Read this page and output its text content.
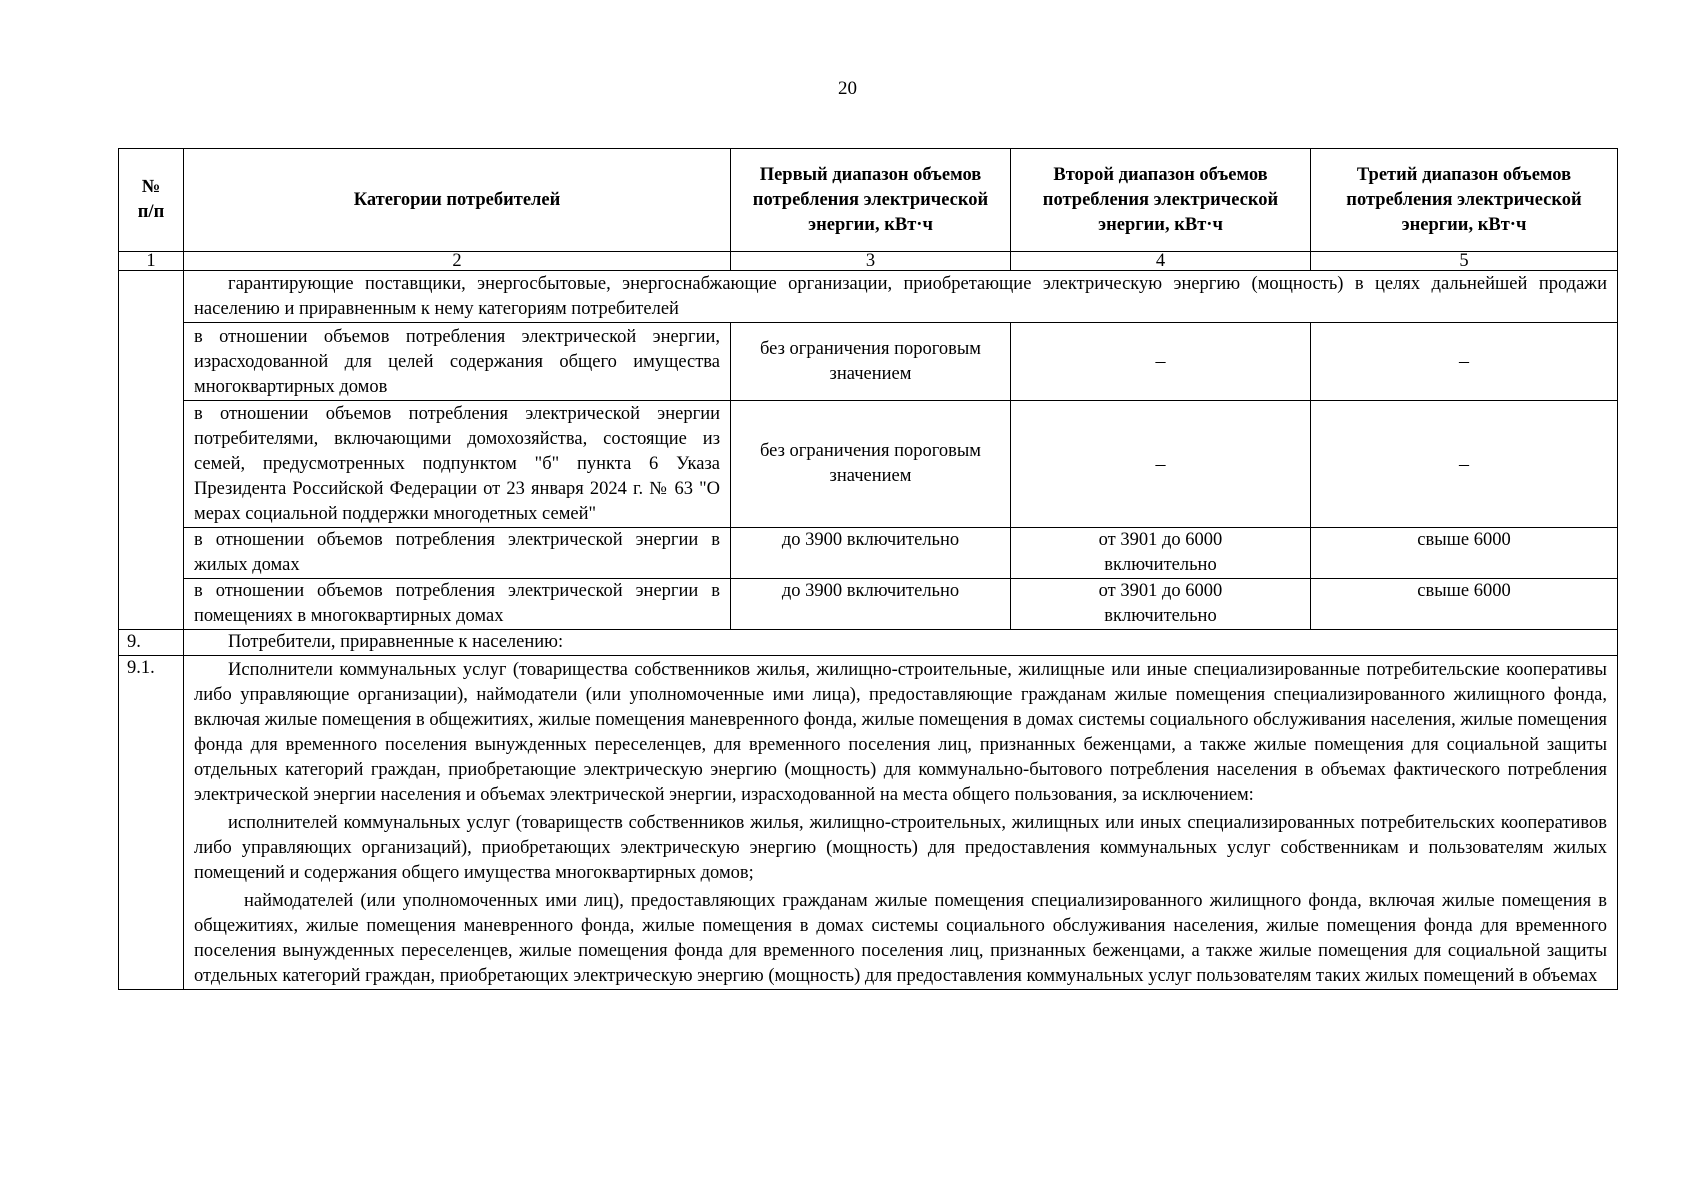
20
№ п/п	Категории потребителей	Первый диапазон объемов потребления электрической энергии, кВт·ч	Второй диапазон объемов потребления электрической энергии, кВт·ч	Третий диапазон объемов потребления электрической энергии, кВт·ч
1	2	3	4	5
	гарантирующие поставщики, энергосбытовые, энергоснабжающие организации, приобретающие электрическую энергию (мощность) в целях дальнейшей продажи населению и приравненным к нему категориям потребителей			
	в отношении объемов потребления электрической энергии, израсходованной для целей содержания общего имущества многоквартирных домов	без ограничения пороговым значением	–	–
	в отношении объемов потребления электрической энергии потребителями, включающими домохозяйства, состоящие из семей, предусмотренных подпунктом "б" пункта 6 Указа Президента Российской Федерации от 23 января 2024 г. № 63 "О мерах социальной поддержки многодетных семей"	без ограничения пороговым значением	–	–
	в отношении объемов потребления электрической энергии в жилых домах	до 3900 включительно	от 3901 до 6000 включительно	свыше 6000
	в отношении объемов потребления электрической энергии в помещениях в многоквартирных домах	до 3900 включительно	от 3901 до 6000 включительно	свыше 6000
9.	Потребители, приравненные к населению:			
9.1.	Исполнители коммунальных услуг (товарищества собственников жилья, жилищно-строительные, жилищные или иные специализированные потребительские кооперативы либо управляющие организации), наймодатели (или уполномоченные ими лица), предоставляющие гражданам жилые помещения специализированного жилищного фонда, включая жилые помещения в общежитиях, жилые помещения маневренного фонда, жилые помещения в домах системы социального обслуживания населения, жилые помещения фонда для временного поселения вынужденных переселенцев, для временного поселения лиц, признанных беженцами, а также жилые помещения для социальной защиты отдельных категорий граждан, приобретающие электрическую энергию (мощность) для коммунально-бытового потребления населения в объемах фактического потребления электрической энергии населения и объемах электрической энергии, израсходованной на места общего пользования, за исключением:
исполнителей коммунальных услуг (товариществ собственников жилья, жилищно-строительных, жилищных или иных специализированных потребительских кооперативов либо управляющих организаций), приобретающих электрическую энергию (мощность) для предоставления коммунальных услуг собственникам и пользователям жилых помещений и содержания общего имущества многоквартирных домов;
наймодателей (или уполномоченных ими лиц), предоставляющих гражданам жилые помещения специализированного жилищного фонда, включая жилые помещения в общежитиях, жилые помещения маневренного фонда, жилые помещения в домах системы социального обслуживания населения, жилые помещения фонда для временного поселения вынужденных переселенцев, жилые помещения фонда для временного поселения лиц, признанных беженцами, а также жилые помещения для социальной защиты отдельных категорий граждан, приобретающих электрическую энергию (мощность) для предоставления коммунальных услуг пользователям таких жилых помещений в объемах			
